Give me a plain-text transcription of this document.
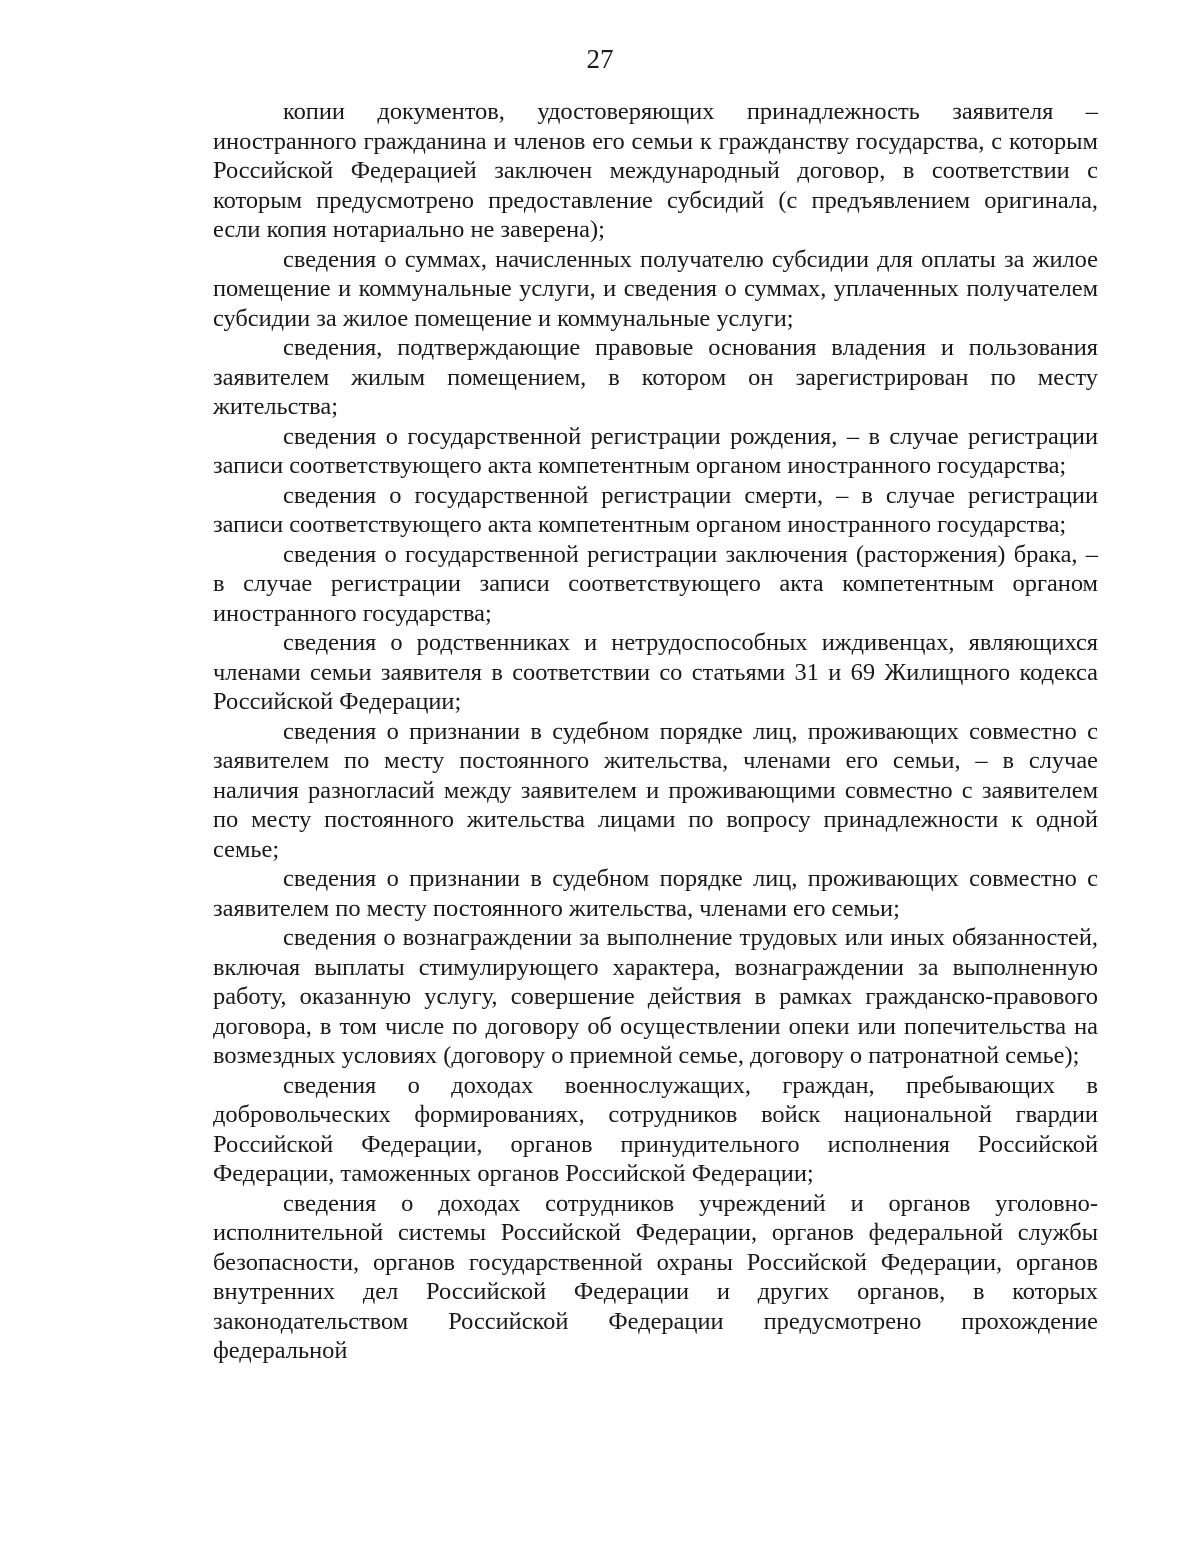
27

копии документов, удостоверяющих принадлежность заявителя – иностранного гражданина и членов его семьи к гражданству государства, с которым Российской Федерацией заключен международный договор, в соответствии с которым предусмотрено предоставление субсидий (с предъявлением оригинала, если копия нотариально не заверена);

сведения о суммах, начисленных получателю субсидии для оплаты за жилое помещение и коммунальные услуги, и сведения о суммах, уплаченных получателем субсидии за жилое помещение и коммунальные услуги;

сведения, подтверждающие правовые основания владения и пользования заявителем жилым помещением, в котором он зарегистрирован по месту жительства;

сведения о государственной регистрации рождения, – в случае регистрации записи соответствующего акта компетентным органом иностранного государства;

сведения о государственной регистрации смерти, – в случае регистрации записи соответствующего акта компетентным органом иностранного государства;

сведения о государственной регистрации заключения (расторжения) брака, – в случае регистрации записи соответствующего акта компетентным органом иностранного государства;

сведения о родственниках и нетрудоспособных иждивенцах, являющихся членами семьи заявителя в соответствии со статьями 31 и 69 Жилищного кодекса Российской Федерации;

сведения о признании в судебном порядке лиц, проживающих совместно с заявителем по месту постоянного жительства, членами его семьи, – в случае наличия разногласий между заявителем и проживающими совместно с заявителем по месту постоянного жительства лицами по вопросу принадлежности к одной семье;

сведения о признании в судебном порядке лиц, проживающих совместно с заявителем по месту постоянного жительства, членами его семьи;

сведения о вознаграждении за выполнение трудовых или иных обязанностей, включая выплаты стимулирующего характера, вознаграждении за выполненную работу, оказанную услугу, совершение действия в рамках гражданско-правового договора, в том числе по договору об осуществлении опеки или попечительства на возмездных условиях (договору о приемной семье, договору о патронатной семье);

сведения о доходах военнослужащих, граждан, пребывающих в добровольческих формированиях, сотрудников войск национальной гвардии Российской Федерации, органов принудительного исполнения Российской Федерации, таможенных органов Российской Федерации;

сведения о доходах сотрудников учреждений и органов уголовно-исполнительной системы Российской Федерации, органов федеральной службы безопасности, органов государственной охраны Российской Федерации, органов внутренних дел Российской Федерации и других органов, в которых законодательством Российской Федерации предусмотрено прохождение федеральной
